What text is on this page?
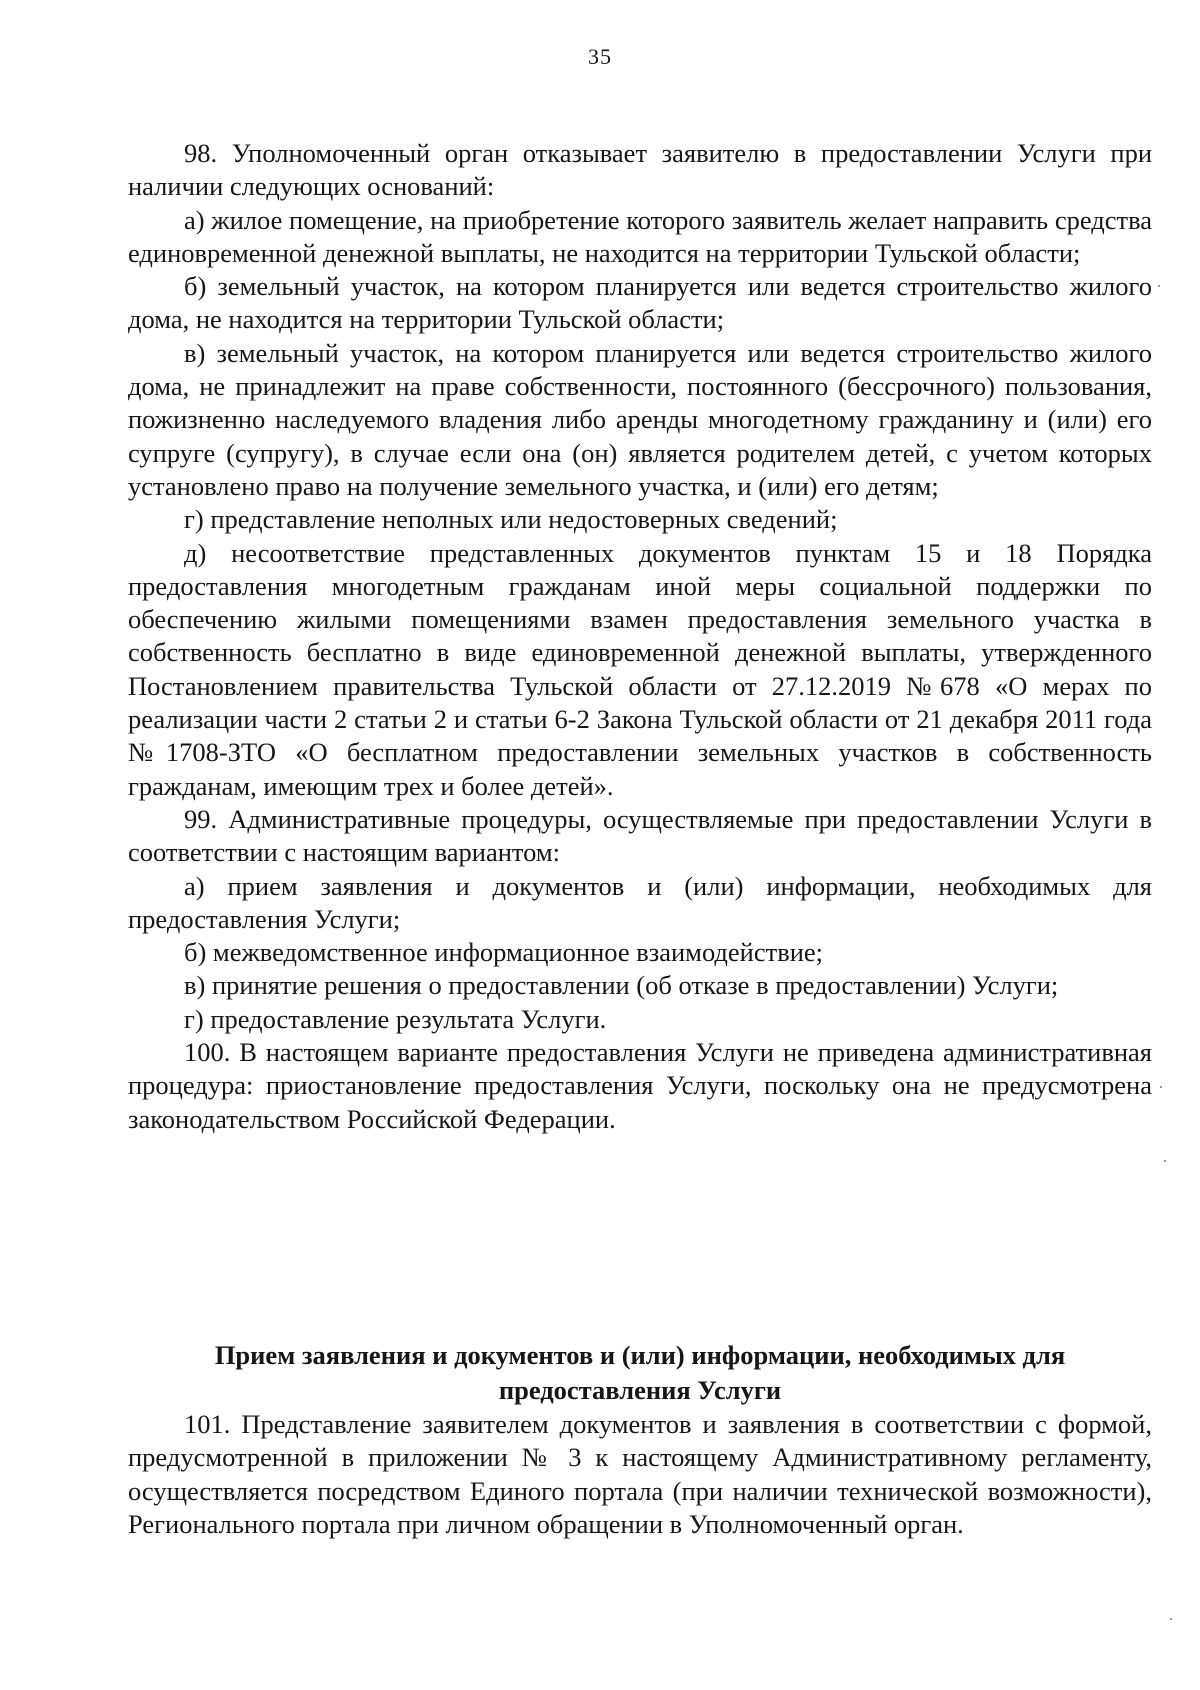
35

98. Уполномоченный орган отказывает заявителю в предоставлении Услуги при наличии следующих оснований:

а) жилое помещение, на приобретение которого заявитель желает направить средства единовременной денежной выплаты, не находится на территории Тульской области;

б) земельный участок, на котором планируется или ведется строительство жилого дома, не находится на территории Тульской области;

в) земельный участок, на котором планируется или ведется строительство жилого дома, не принадлежит на праве собственности, постоянного (бессрочного) пользования, пожизненно наследуемого владения либо аренды многодетному гражданину и (или) его супруге (супругу), в случае если она (он) является родителем детей, с учетом которых установлено право на получение земельного участка, и (или) его детям;

г) представление неполных или недостоверных сведений;

д) несоответствие представленных документов пунктам 15 и 18 Порядка предоставления многодетным гражданам иной меры социальной поддержки по обеспечению жилыми помещениями взамен предоставления земельного участка в собственность бесплатно в виде единовременной денежной выплаты, утвержденного Постановлением правительства Тульской области от 27.12.2019 №678 «О мерах по реализации части 2 статьи 2 и статьи 6-2 Закона Тульской области от 21 декабря 2011 года №1708-ЗТО «О бесплатном предоставлении земельных участков в собственность гражданам, имеющим трех и более детей».

99. Административные процедуры, осуществляемые при предоставлении Услуги в соответствии с настоящим вариантом:

а) прием заявления и документов и (или) информации, необходимых для предоставления Услуги;

б) межведомственное информационное взаимодействие;

в) принятие решения о предоставлении (об отказе в предоставлении) Услуги;

г) предоставление результата Услуги.

100. В настоящем варианте предоставления Услуги не приведена административная процедура: приостановление предоставления Услуги, поскольку она не предусмотрена законодательством Российской Федерации.

Прием заявления и документов и (или) информации, необходимых для предоставления Услуги

101. Представление заявителем документов и заявления в соответствии с формой, предусмотренной в приложении № 3 к настоящему Административному регламенту, осуществляется посредством Единого портала (при наличии технической возможности), Регионального портала при личном обращении в Уполномоченный орган.
